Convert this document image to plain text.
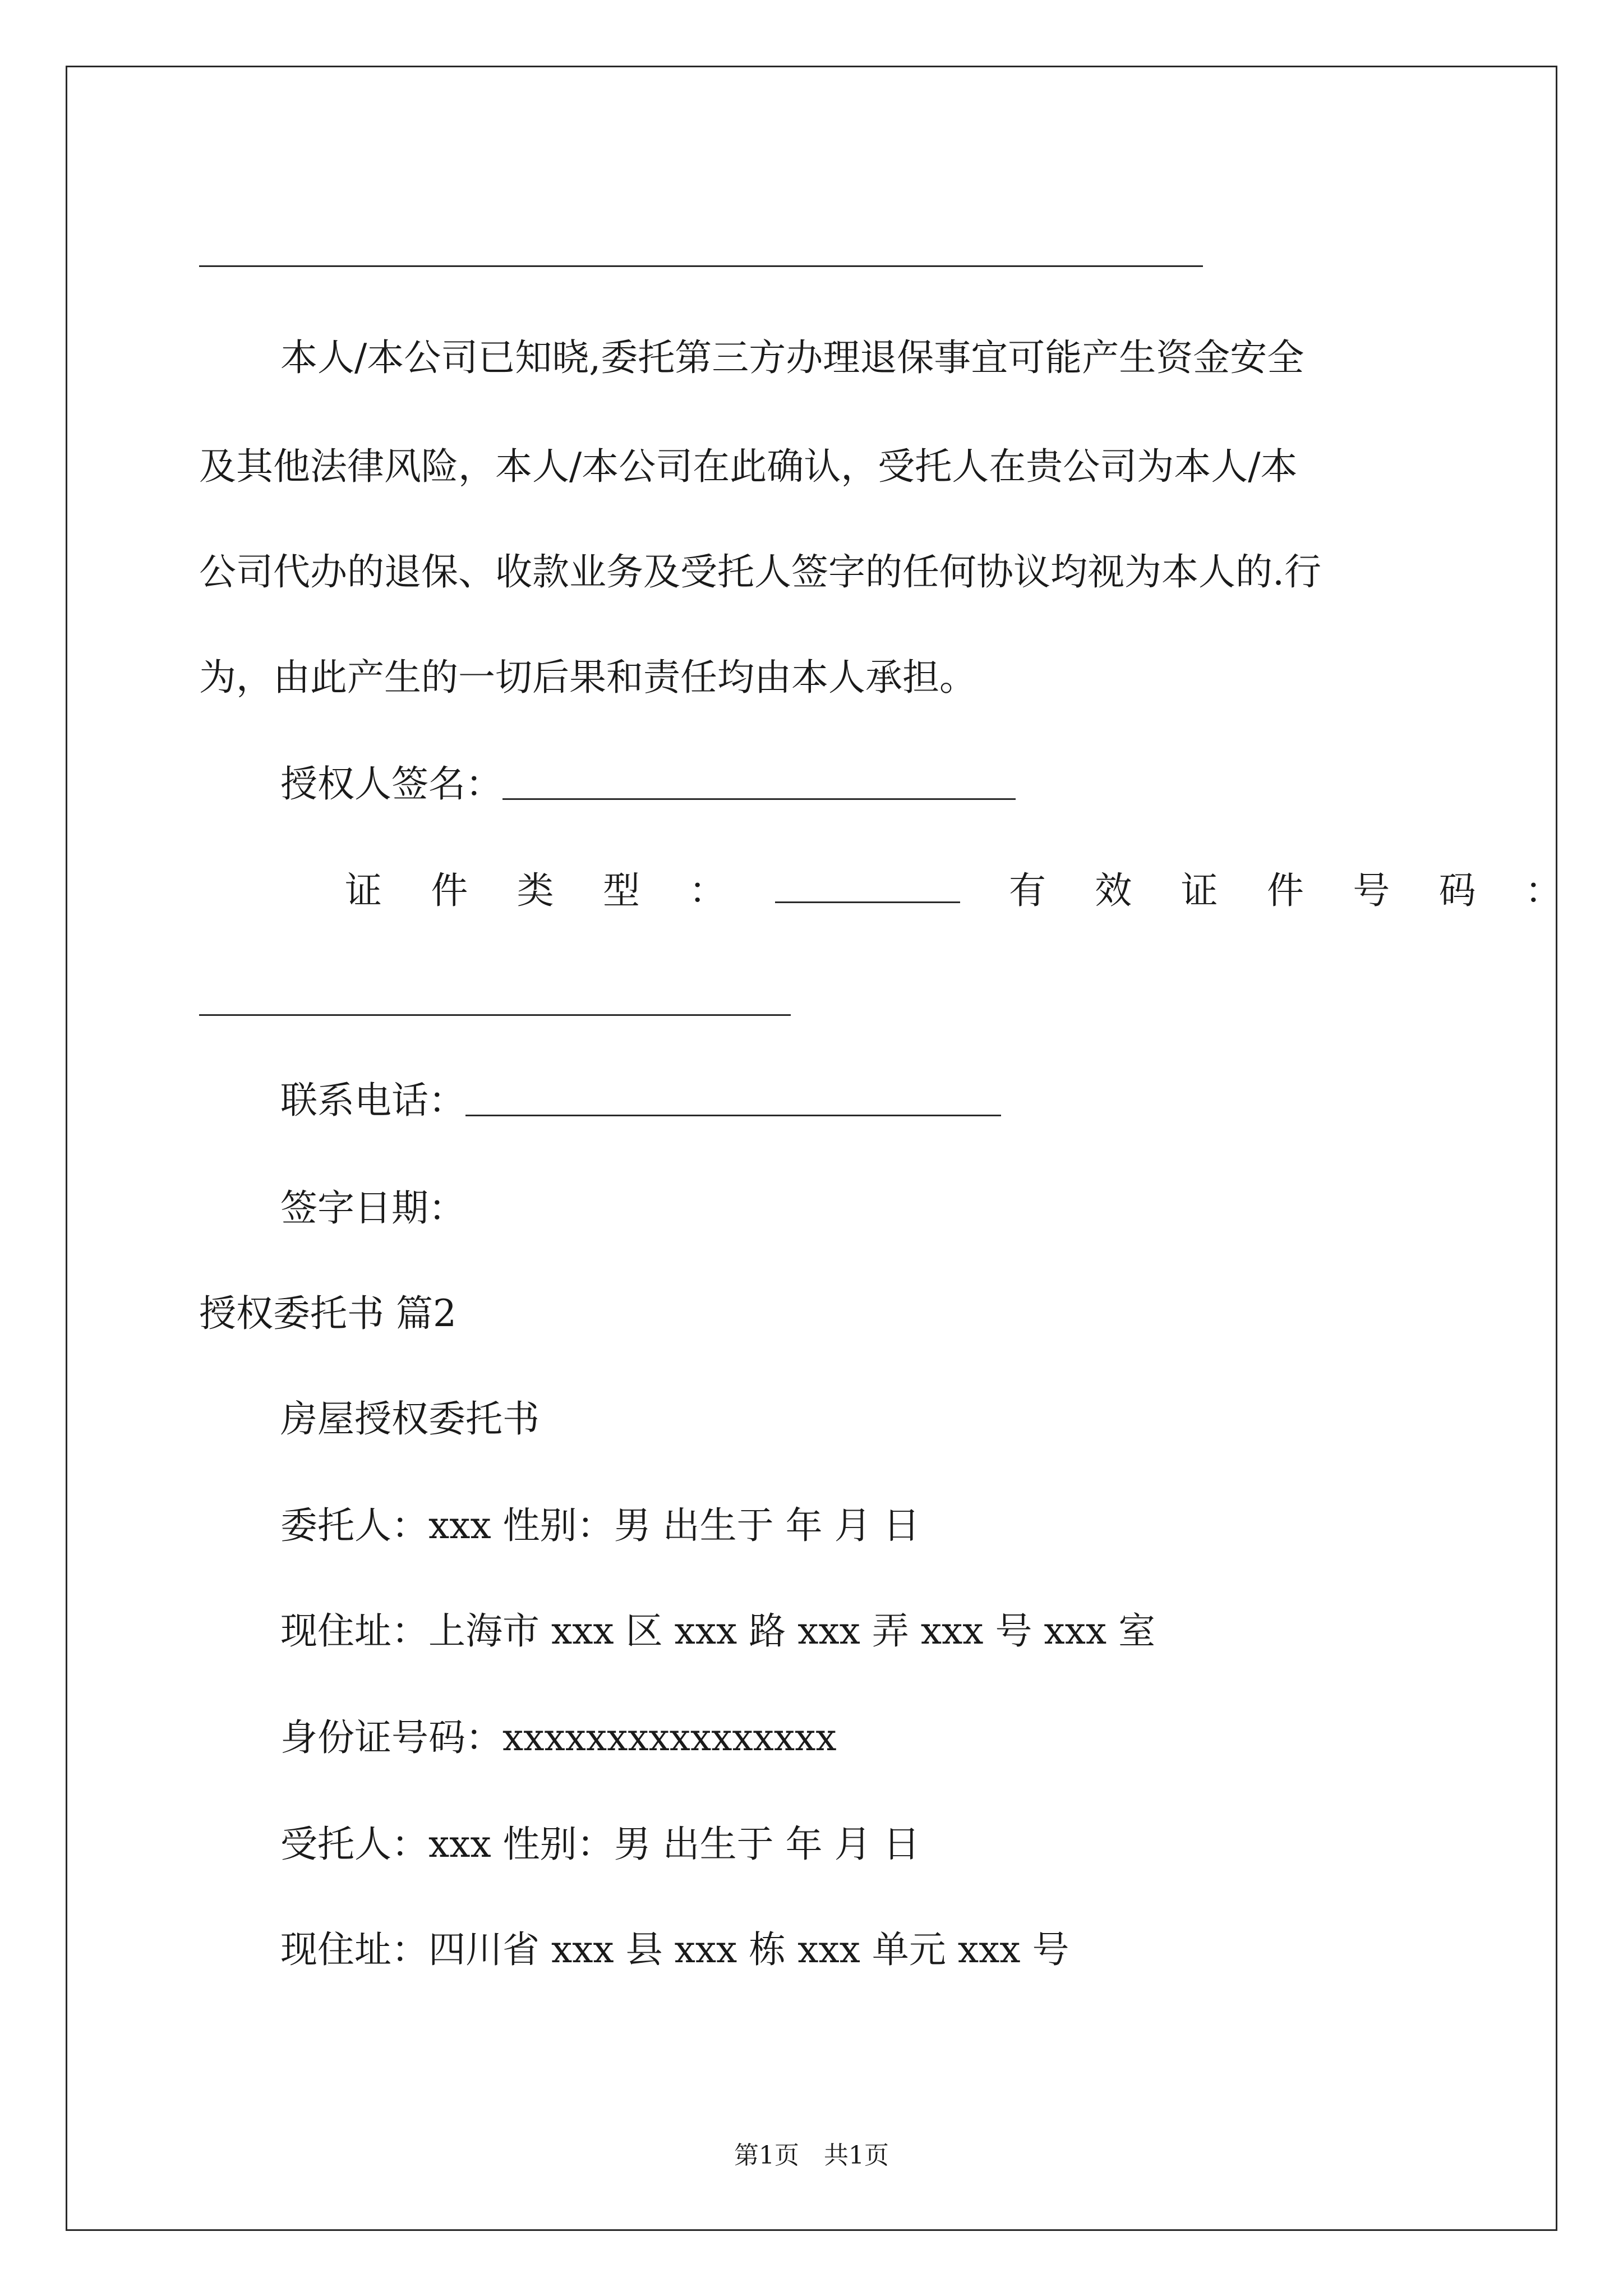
本人/本公司已知晓,委托第三方办理退保事宜可能产生资金安全
及其他法律风险，本人/本公司在此确认，受托人在贵公司为本人/本
公司代办的退保、收款业务及受托人签字的任何协议均视为本人的.行
为，由此产生的一切后果和责任均由本人承担。
授权人签名：
证 件 类 型 ：	有 效 证 件 号 码 ：
联系电话：
签字日期：
授权委托书 篇2
房屋授权委托书
委托人：xxx 性别：男 出生于 年 月 日
现住址：上海市 xxx 区 xxx 路 xxx 弄 xxx 号 xxx 室
身份证号码：xxxxxxxxxxxxxxxx
受托人：xxx 性别：男 出生于 年 月 日
现住址：四川省 xxx 县 xxx 栋 xxx 单元 xxx 号
第1页　共1页
